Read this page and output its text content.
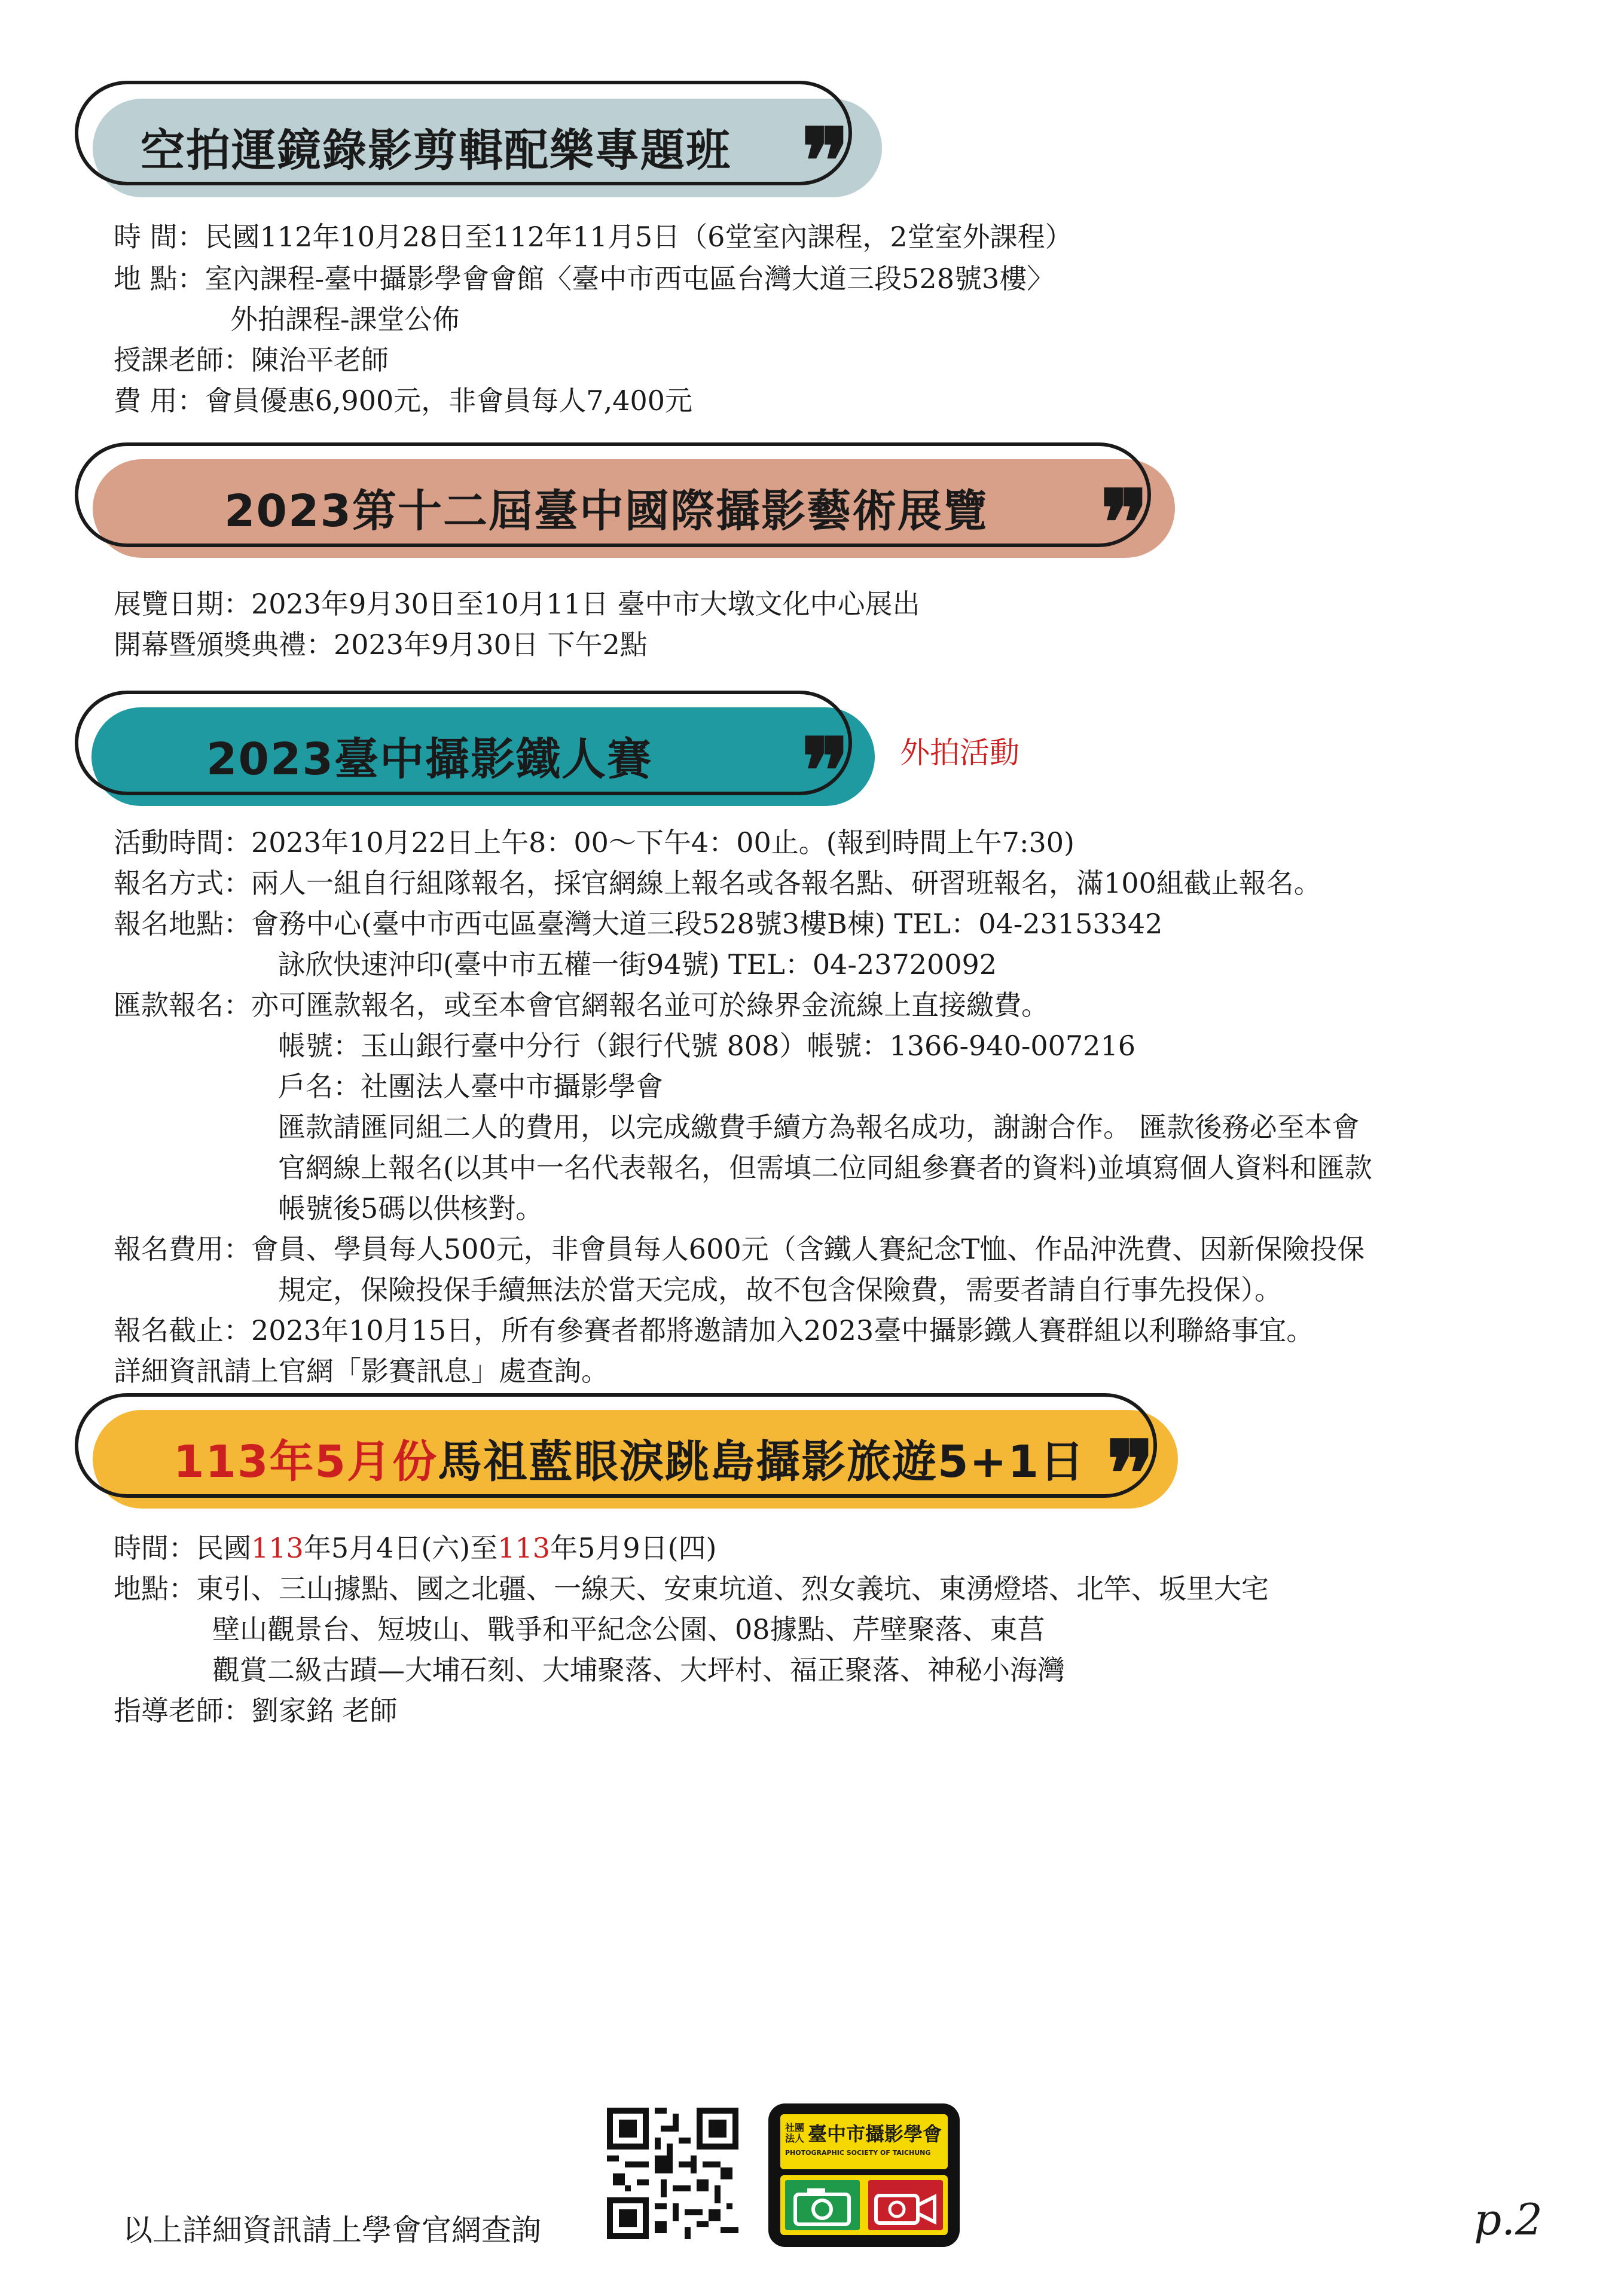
空拍運鏡錄影剪輯配樂專題班 ❞
時 間：民國112年10月28日至112年11月5日（6堂室內課程，2堂室外課程）
地 點：室內課程-臺中攝影學會會館〈臺中市西屯區台灣大道三段528號3樓〉
外拍課程-課堂公佈
授課老師：陳治平老師
費 用：會員優惠6,900元，非會員每人7,400元
2023第十二屆臺中國際攝影藝術展覽 ❞
展覽日期：2023年9月30日至10月11日 臺中市大墩文化中心展出
開幕暨頒獎典禮：2023年9月30日 下午2點
2023臺中攝影鐵人賽 ❞ 外拍活動
活動時間：2023年10月22日上午8：00～下午4：00止。(報到時間上午7:30)
報名方式：兩人一組自行組隊報名，採官網線上報名或各報名點、研習班報名，滿100組截止報名。
報名地點：會務中心(臺中市西屯區臺灣大道三段528號3樓B棟) TEL：04-23153342
詠欣快速沖印(臺中市五權一街94號) TEL：04-23720092
匯款報名：亦可匯款報名，或至本會官網報名並可於綠界金流線上直接繳費。
帳號：玉山銀行臺中分行（銀行代號 808）帳號：1366-940-007216
戶名：社團法人臺中市攝影學會
匯款請匯同組二人的費用，以完成繳費手續方為報名成功，謝謝合作。 匯款後務必至本會
官網線上報名(以其中一名代表報名，但需填二位同組參賽者的資料)並填寫個人資料和匯款
帳號後5碼以供核對。
報名費用：會員、學員每人500元，非會員每人600元（含鐵人賽紀念T恤、作品沖洗費、因新保險投保
規定，保險投保手續無法於當天完成，故不包含保險費，需要者請自行事先投保）。
報名截止：2023年10月15日，所有參賽者都將邀請加入2023臺中攝影鐵人賽群組以利聯絡事宜。
詳細資訊請上官網「影賽訊息」處查詢。
113年5月份馬祖藍眼淚跳島攝影旅遊5+1日 ❞
時間：民國113年5月4日(六)至113年5月9日(四)
地點：東引、三山據點、國之北疆、一線天、安東坑道、烈女義坑、東湧燈塔、北竿、坂里大宅
壁山觀景台、短坡山、戰爭和平紀念公園、08據點、芹壁聚落、東莒
觀賞二級古蹟—大埔石刻、大埔聚落、大坪村、福正聚落、神秘小海灣
指導老師：劉家銘 老師
以上詳細資訊請上學會官網查詢
社團法人 臺中市攝影學會
PHOTOGRAPHIC SOCIETY OF TAICHUNG
p.2
